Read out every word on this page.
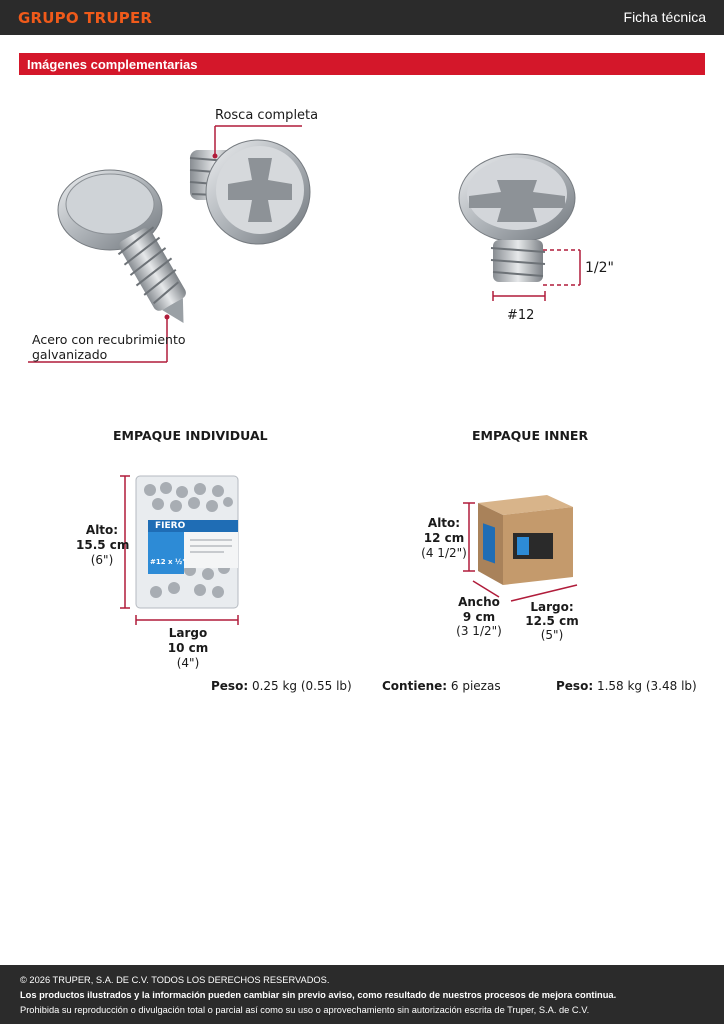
GRUPO TRUPER	Ficha técnica
Imágenes complementarias
Rosca completa
Acero con recubrimiento
galvanizado
1/2"
#12
EMPAQUE INDIVIDUAL
FIERO
#12 x ½"
Alto:
15.5 cm
(6")
Largo
10 cm
(4")
EMPAQUE INNER
Alto:
12 cm
(4 1/2")
Ancho
9 cm
(3 1/2")
Largo:
12.5 cm
(5")
Peso: 0.25 kg (0.55 lb)	Contiene: 6 piezas	Peso: 1.58 kg (3.48 lb)

© 2026 TRUPER, S.A. DE C.V. TODOS LOS DERECHOS RESERVADOS.

Los productos ilustrados y la información pueden cambiar sin previo aviso, como resultado de nuestros procesos de mejora continua.

Prohibida su reproducción o divulgación total o parcial así como su uso o aprovechamiento sin autorización escrita de Truper, S.A. de C.V.
